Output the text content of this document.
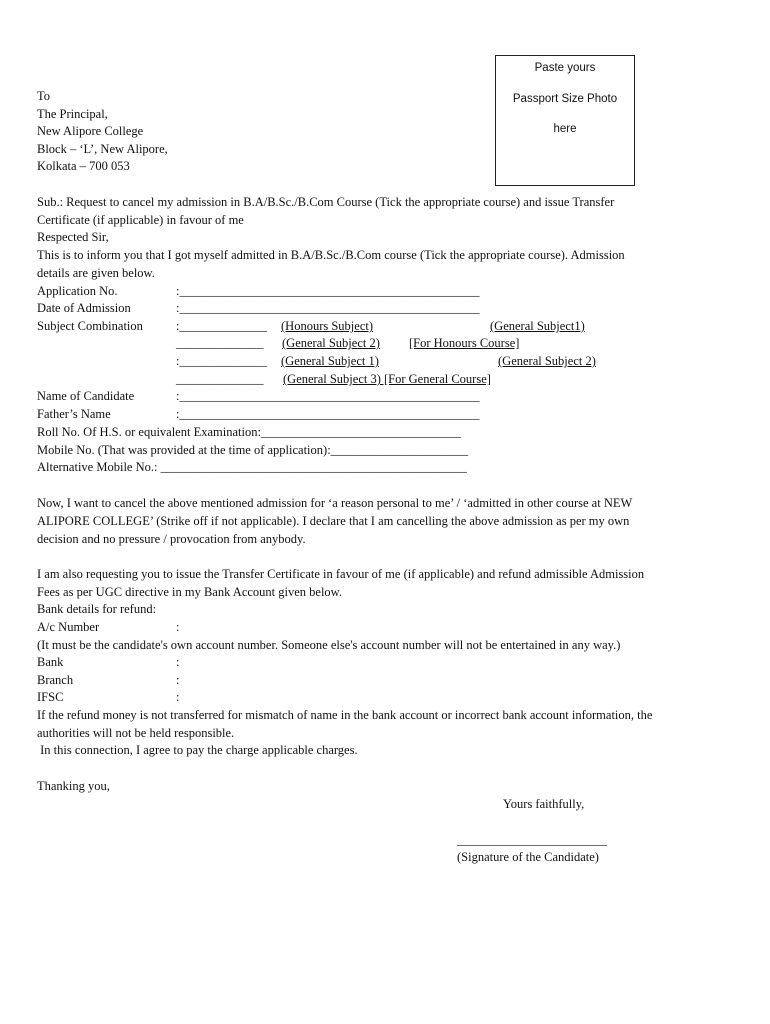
Paste yours
Passport Size Photo
here
To
The Principal,
New Alipore College
Block – ‘L’, New Alipore,
Kolkata – 700 053
Sub.: Request to cancel my admission in B.A/B.Sc./B.Com Course (Tick the appropriate course) and issue Transfer
Certificate (if applicable) in favour of me
Respected Sir,
This is to inform you that I got myself admitted in B.A/B.Sc./B.Com course (Tick the appropriate course). Admission
details are given below.
Application No.	:________________________________________________
Date of Admission	:________________________________________________
Subject Combination	:______________ (Honours Subject)	(General Subject1)
______________ (General Subject 2)	[For Honours Course]
:______________ (General Subject 1)	(General Subject 2)
______________ (General Subject 3) [For General Course]
Name of Candidate	:________________________________________________
Father’s Name	:________________________________________________
Roll No. Of H.S. or equivalent Examination:________________________________
Mobile No. (That was provided at the time of application):______________________
Alternative Mobile No.: _________________________________________________
Now, I want to cancel the above mentioned admission for ‘a reason personal to me’ / ‘admitted in other course at NEW
ALIPORE COLLEGE’ (Strike off if not applicable). I declare that I am cancelling the above admission as per my own
decision and no pressure / provocation from anybody.
I am also requesting you to issue the Transfer Certificate in favour of me (if applicable) and refund admissible Admission
Fees as per UGC directive in my Bank Account given below.
Bank details for refund:
A/c Number	:
(It must be the candidate's own account number. Someone else's account number will not be entertained in any way.)
Bank	:
Branch	:
IFSC	:
If the refund money is not transferred for mismatch of name in the bank account or incorrect bank account information, the
authorities will not be held responsible.
In this connection, I agree to pay the charge applicable charges.
Thanking you,
Yours faithfully,
________________________
(Signature of the Candidate)
